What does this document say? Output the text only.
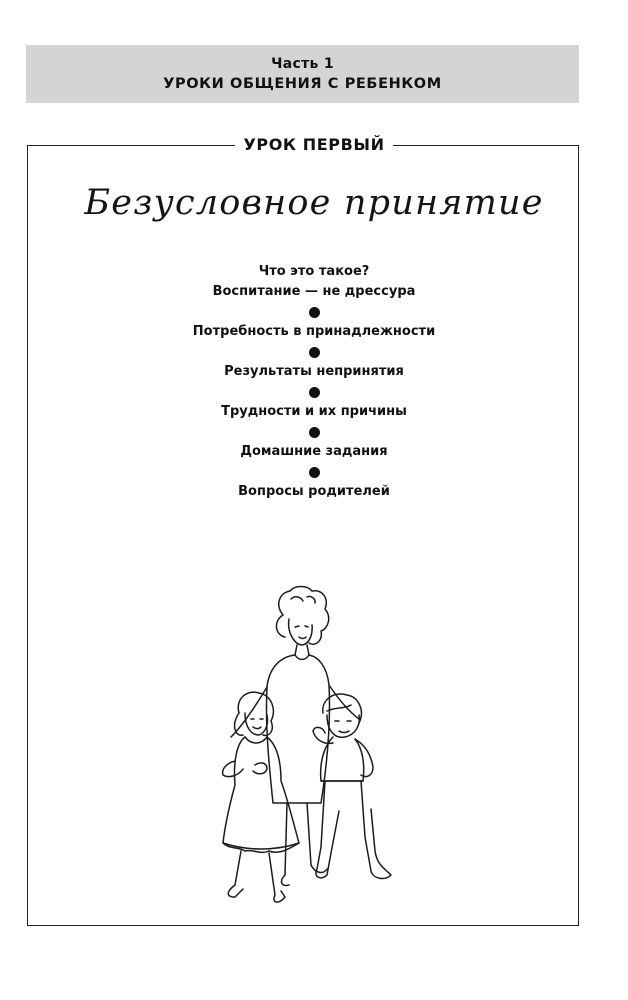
Часть 1
УРОКИ ОБЩЕНИЯ С РЕБЕНКОМ
УРОК ПЕРВЫЙ
Безусловное принятие
Что это такое?
Воспитание — не дрессура
Потребность в принадлежности
Результаты непринятия
Трудности и их причины
Домашние задания
Вопросы родителей
